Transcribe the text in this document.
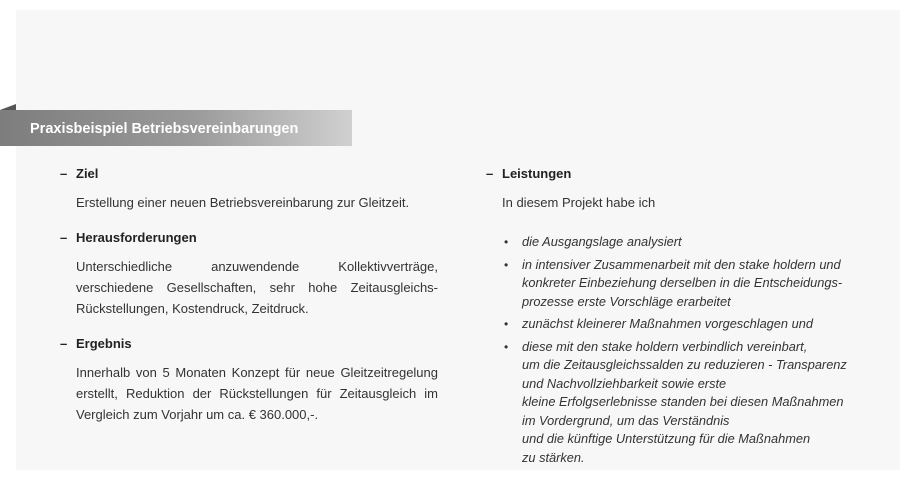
Praxisbeispiel Betriebsvereinbarungen
– Ziel
Erstellung einer neuen Betriebsvereinbarung zur Gleitzeit.
– Herausforderungen
Unterschiedliche anzuwendende Kollektivverträge, verschiedene Gesellschaften, sehr hohe Zeitausgleichs-Rückstellungen, Kostendruck, Zeitdruck.
– Ergebnis
Innerhalb von 5 Monaten Konzept für neue Gleitzeitregelung erstellt, Reduktion der Rückstellungen für Zeitausgleich im Vergleich zum Vorjahr um ca. € 360.000,-.
– Leistungen
In diesem Projekt habe ich
• die Ausgangslage analysiert
• in intensiver Zusammenarbeit mit den stake holdern und konkreter Einbeziehung derselben in die Entscheidungs-prozesse erste Vorschläge erarbeitet
• zunächst kleinerer Maßnahmen vorgeschlagen und
• diese mit den stake holdern verbindlich vereinbart,
um die Zeitausgleichssalden zu reduzieren - Transparenz
und Nachvollziehbarkeit sowie erste
kleine Erfolgserlebnisse standen bei diesen Maßnahmen
im Vordergrund, um das Verständnis
und die künftige Unterstützung für die Maßnahmen
zu stärken.
